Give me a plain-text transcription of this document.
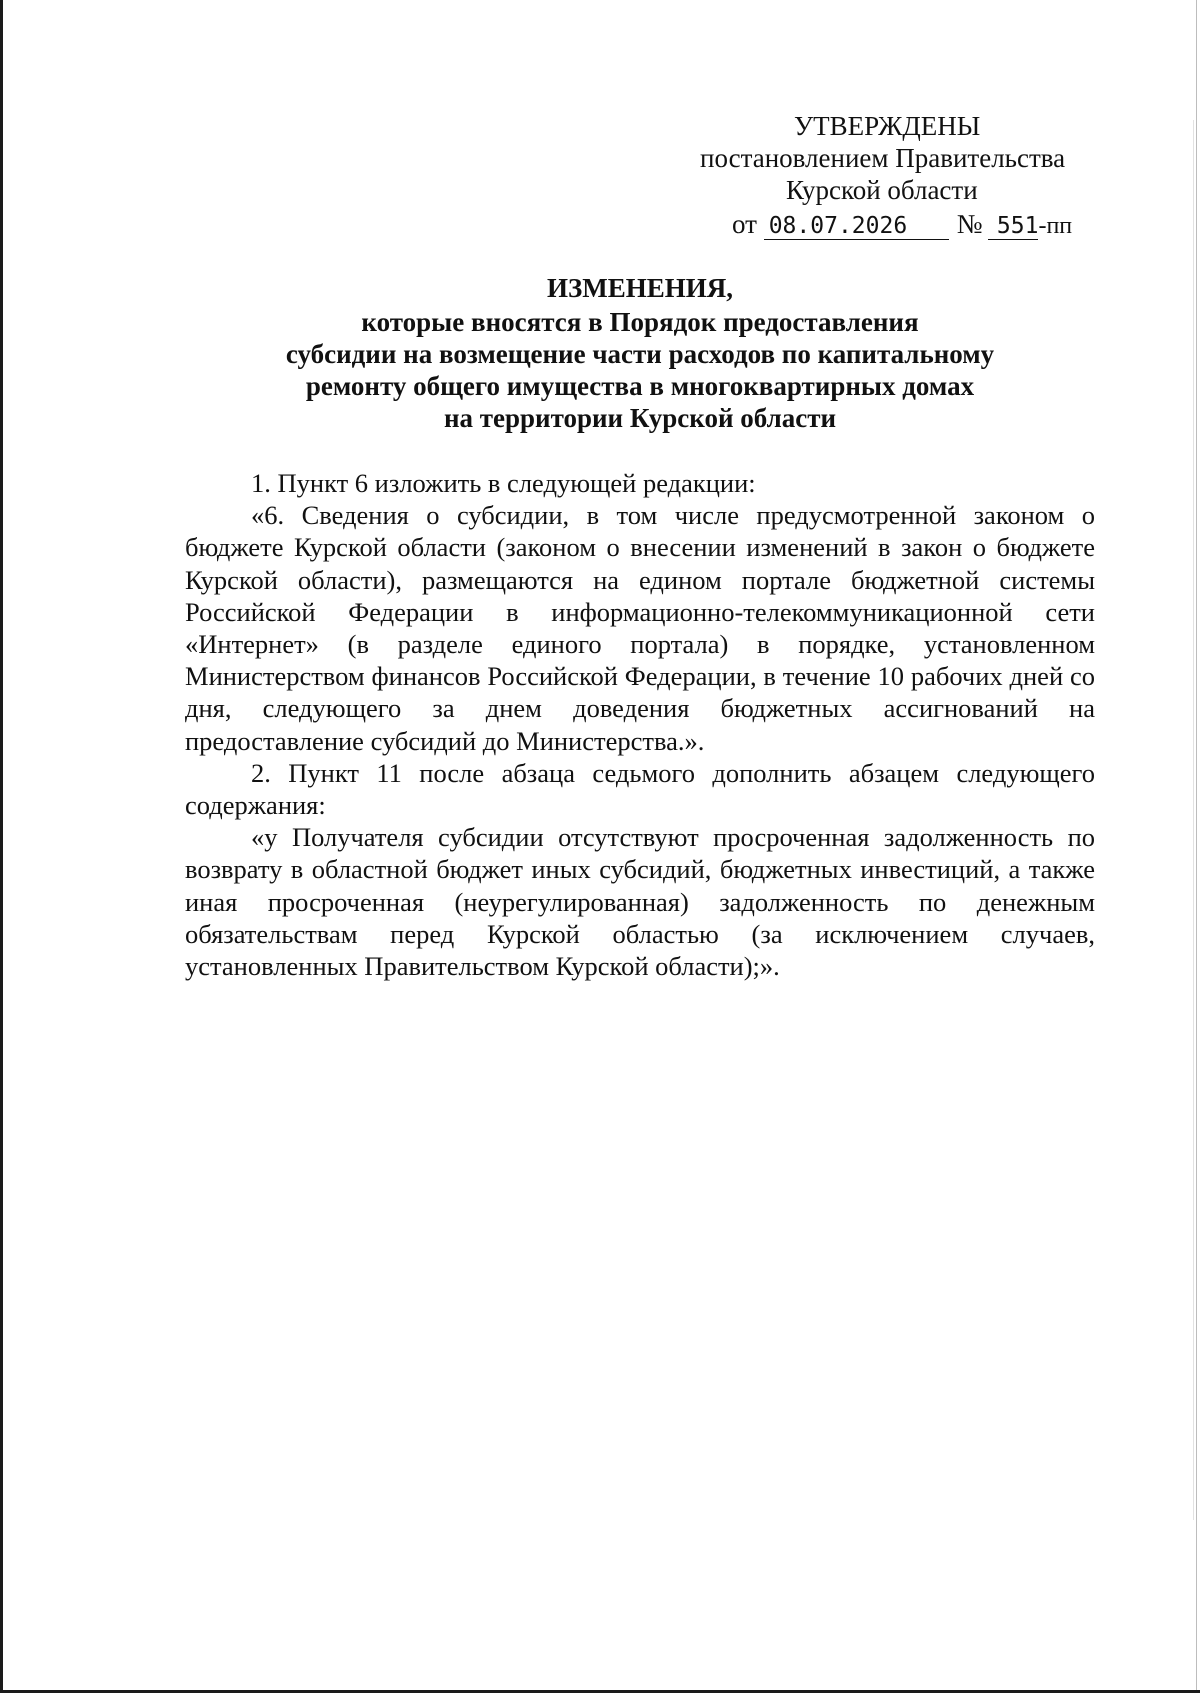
УТВЕРЖДЕНЫ
постановлением Правительства
Курской области
от 08.07.2026 № 551-пп
ИЗМЕНЕНИЯ,
которые вносятся в Порядок предоставления
субсидии на возмещение части расходов по капитальному
ремонту общего имущества в многоквартирных домах
на территории Курской области

1. Пункт 6 изложить в следующей редакции:

«6. Сведения о субсидии, в том числе предусмотренной законом о бюджете Курской области (законом о внесении изменений в закон о бюджете Курской области), размещаются на едином портале бюджетной системы Российской Федерации в информационно-телекоммуникационной сети «Интернет» (в разделе единого портала) в порядке, установленном Министерством финансов Российской Федерации, в течение 10 рабочих дней со дня, следующего за днем доведения бюджетных ассигнований на предоставление субсидий до Министерства.».

2. Пункт 11 после абзаца седьмого дополнить абзацем следующего содержания:

«у Получателя субсидии отсутствуют просроченная задолженность по возврату в областной бюджет иных субсидий, бюджетных инвестиций, а также иная просроченная (неурегулированная) задолженность по денежным обязательствам перед Курской областью (за исключением случаев, установленных Правительством Курской области);».
